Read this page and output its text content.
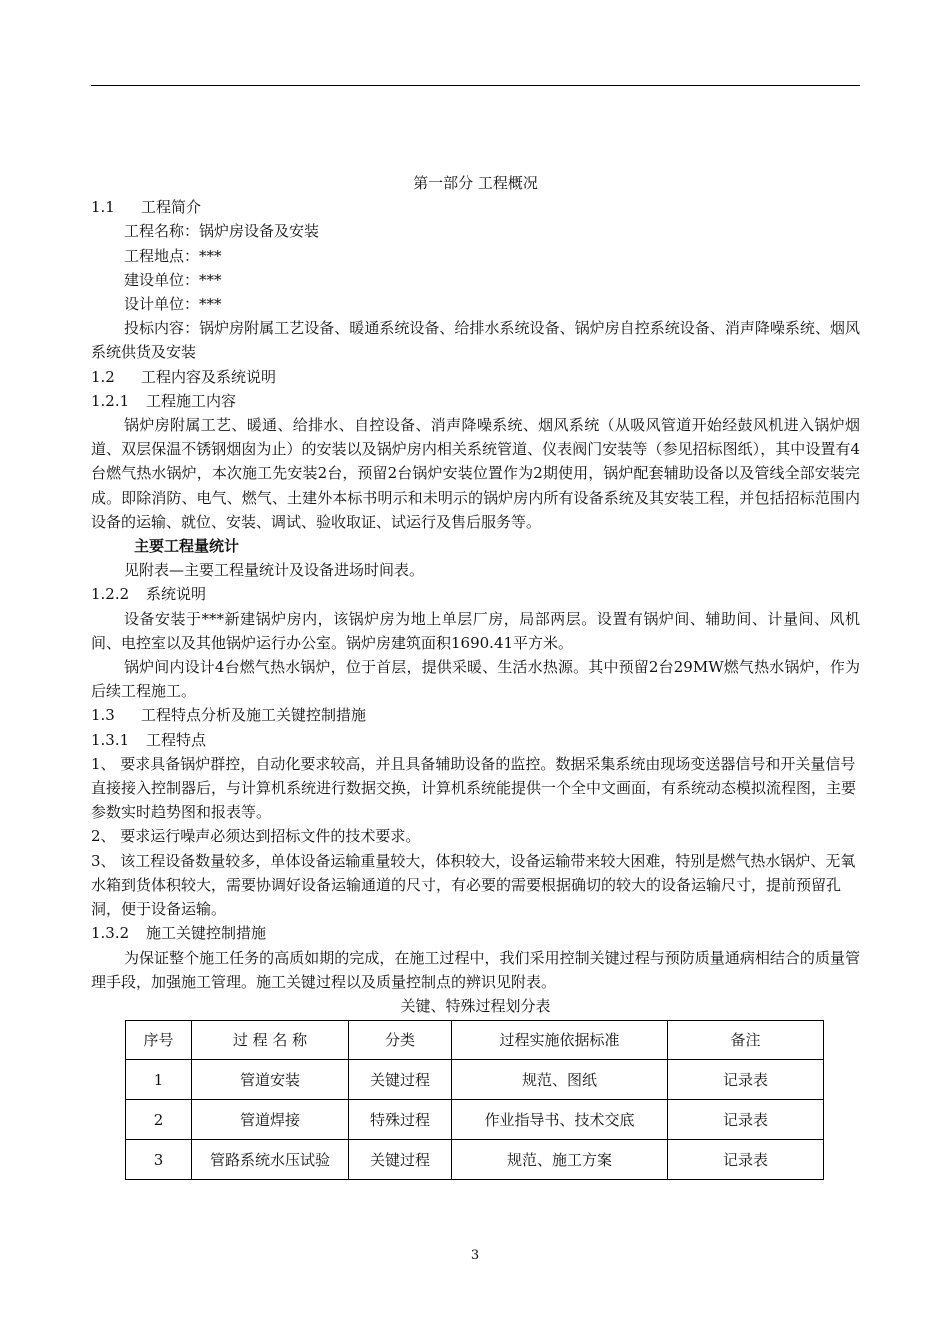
第一部分 工程概况

1.1 工程简介

工程名称：锅炉房设备及安装

工程地点：***

建设单位：***

设计单位：***

投标内容：锅炉房附属工艺设备、暖通系统设备、给排水系统设备、锅炉房自控系统设备、消声降噪系统、烟风系统供货及安装

1.2 工程内容及系统说明

1.2.1 工程施工内容

锅炉房附属工艺、暖通、给排水、自控设备、消声降噪系统、烟风系统（从吸风管道开始经鼓风机进入锅炉烟道、双层保温不锈钢烟囱为止）的安装以及锅炉房内相关系统管道、仪表阀门安装等（参见招标图纸），其中设置有4台燃气热水锅炉，本次施工先安装2台，预留2台锅炉安装位置作为2期使用，锅炉配套辅助设备以及管线全部安装完成。即除消防、电气、燃气、土建外本标书明示和未明示的锅炉房内所有设备系统及其安装工程，并包括招标范围内设备的运输、就位、安装、调试、验收取证、试运行及售后服务等。

主要工程量统计

见附表—主要工程量统计及设备进场时间表。

1.2.2 系统说明

设备安装于***新建锅炉房内，该锅炉房为地上单层厂房，局部两层。设置有锅炉间、辅助间、计量间、风机间、电控室以及其他锅炉运行办公室。锅炉房建筑面积1690.41平方米。

锅炉间内设计4台燃气热水锅炉，位于首层，提供采暖、生活水热源。其中预留2台29MW燃气热水锅炉，作为后续工程施工。

1.3 工程特点分析及施工关键控制措施

1.3.1 工程特点

1、 要求具备锅炉群控，自动化要求较高，并且具备辅助设备的监控。数据采集系统由现场变送器信号和开关量信号直接接入控制器后，与计算机系统进行数据交换，计算机系统能提供一个全中文画面，有系统动态模拟流程图，主要参数实时趋势图和报表等。

2、 要求运行噪声必须达到招标文件的技术要求。

3、 该工程设备数量较多，单体设备运输重量较大，体积较大，设备运输带来较大困难，特别是燃气热水锅炉、无氧水箱到货体积较大，需要协调好设备运输通道的尺寸，有必要的需要根据确切的较大的设备运输尺寸，提前预留孔洞，便于设备运输。

1.3.2 施工关键控制措施

为保证整个施工任务的高质如期的完成，在施工过程中，我们采用控制关键过程与预防质量通病相结合的质量管理手段，加强施工管理。施工关键过程以及质量控制点的辨识见附表。

关键、特殊过程划分表

序号	过 程 名 称	分类	过程实施依据标准	备注
1	管道安装	关键过程	规范、图纸	记录表
2	管道焊接	特殊过程	作业指导书、技术交底	记录表
3	管路系统水压试验	关键过程	规范、施工方案	记录表
3
